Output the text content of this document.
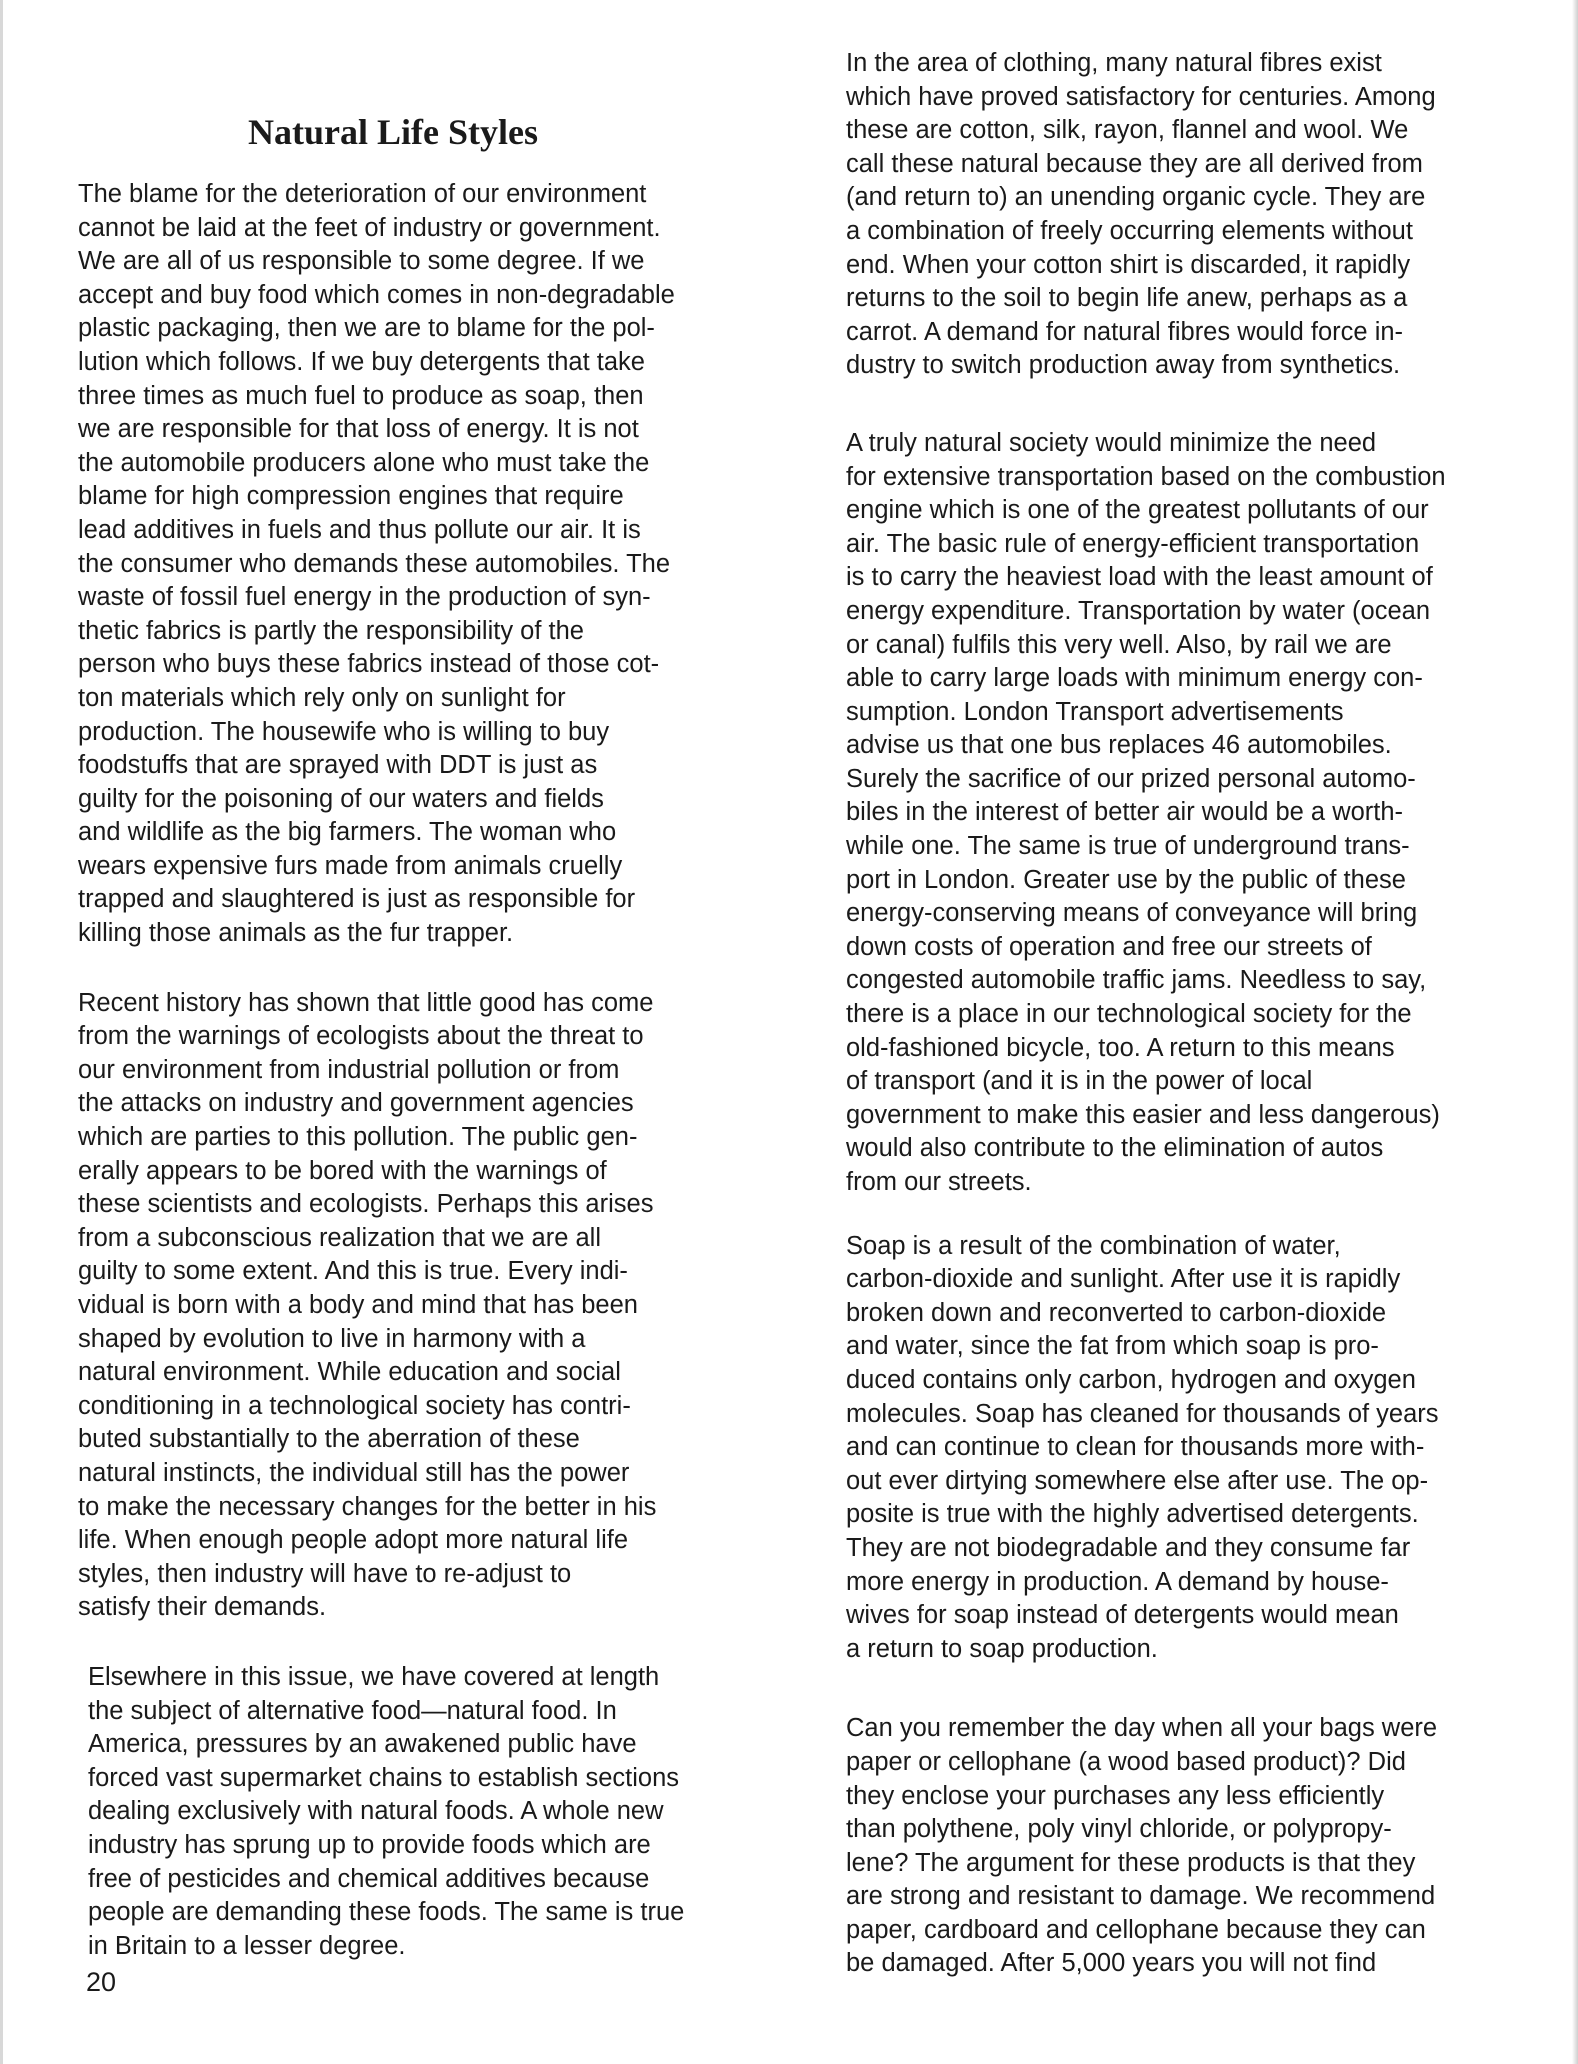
Natural Life Styles

The blame for the deterioration of our environment
cannot be laid at the feet of industry or government.
We are all of us responsible to some degree. If we
accept and buy food which comes in non-degradable
plastic packaging, then we are to blame for the pol-
lution which follows. If we buy detergents that take
three times as much fuel to produce as soap, then
we are responsible for that loss of energy. It is not
the automobile producers alone who must take the
blame for high compression engines that require
lead additives in fuels and thus pollute our air. It is
the consumer who demands these automobiles. The
waste of fossil fuel energy in the production of syn-
thetic fabrics is partly the responsibility of the
person who buys these fabrics instead of those cot-
ton materials which rely only on sunlight for
production. The housewife who is willing to buy
foodstuffs that are sprayed with DDT is just as
guilty for the poisoning of our waters and fields
and wildlife as the big farmers. The woman who
wears expensive furs made from animals cruelly
trapped and slaughtered is just as responsible for
killing those animals as the fur trapper.

Recent history has shown that little good has come
from the warnings of ecologists about the threat to
our environment from industrial pollution or from
the attacks on industry and government agencies
which are parties to this pollution. The public gen-
erally appears to be bored with the warnings of
these scientists and ecologists. Perhaps this arises
from a subconscious realization that we are all
guilty to some extent. And this is true. Every indi-
vidual is born with a body and mind that has been
shaped by evolution to live in harmony with a
natural environment. While education and social
conditioning in a technological society has contri-
buted substantially to the aberration of these
natural instincts, the individual still has the power
to make the necessary changes for the better in his
life. When enough people adopt more natural life
styles, then industry will have to re-adjust to
satisfy their demands.

Elsewhere in this issue, we have covered at length
the subject of alternative food—natural food. In
America, pressures by an awakened public have
forced vast supermarket chains to establish sections
dealing exclusively with natural foods. A whole new
industry has sprung up to provide foods which are
free of pesticides and chemical additives because
people are demanding these foods. The same is true
in Britain to a lesser degree.

In the area of clothing, many natural fibres exist
which have proved satisfactory for centuries. Among
these are cotton, silk, rayon, flannel and wool. We
call these natural because they are all derived from
(and return to) an unending organic cycle. They are
a combination of freely occurring elements without
end. When your cotton shirt is discarded, it rapidly
returns to the soil to begin life anew, perhaps as a
carrot. A demand for natural fibres would force in-
dustry to switch production away from synthetics.

A truly natural society would minimize the need
for extensive transportation based on the combustion
engine which is one of the greatest pollutants of our
air. The basic rule of energy-efficient transportation
is to carry the heaviest load with the least amount of
energy expenditure. Transportation by water (ocean
or canal) fulfils this very well. Also, by rail we are
able to carry large loads with minimum energy con-
sumption. London Transport advertisements
advise us that one bus replaces 46 automobiles.
Surely the sacrifice of our prized personal automo-
biles in the interest of better air would be a worth-
while one. The same is true of underground trans-
port in London. Greater use by the public of these
energy-conserving means of conveyance will bring
down costs of operation and free our streets of
congested automobile traffic jams. Needless to say,
there is a place in our technological society for the
old-fashioned bicycle, too. A return to this means
of transport (and it is in the power of local
government to make this easier and less dangerous)
would also contribute to the elimination of autos
from our streets.

Soap is a result of the combination of water,
carbon-dioxide and sunlight. After use it is rapidly
broken down and reconverted to carbon-dioxide
and water, since the fat from which soap is pro-
duced contains only carbon, hydrogen and oxygen
molecules. Soap has cleaned for thousands of years
and can continue to clean for thousands more with-
out ever dirtying somewhere else after use. The op-
posite is true with the highly advertised detergents.
They are not biodegradable and they consume far
more energy in production. A demand by house-
wives for soap instead of detergents would mean
a return to soap production.

Can you remember the day when all your bags were
paper or cellophane (a wood based product)? Did
they enclose your purchases any less efficiently
than polythene, poly vinyl chloride, or polypropy-
lene? The argument for these products is that they
are strong and resistant to damage. We recommend
paper, cardboard and cellophane because they can
be damaged. After 5,000 years you will not find

20
